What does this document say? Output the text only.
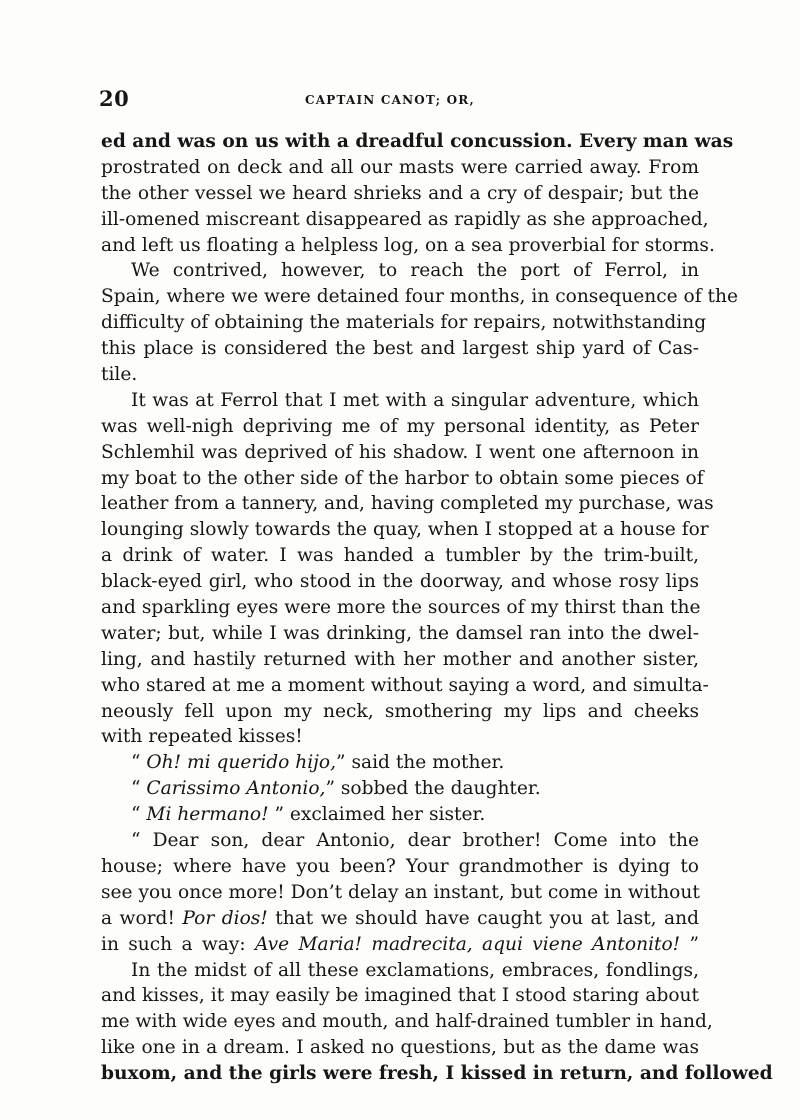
20	CAPTAIN CANOT; OR,
ed and was on us with a dreadful concussion. Every man was
prostrated on deck and all our masts were carried away. From
the other vessel we heard shrieks and a cry of despair; but the
ill-omened miscreant disappeared as rapidly as she approached,
and left us floating a helpless log, on a sea proverbial for storms.
We contrived, however, to reach the port of Ferrol, in
Spain, where we were detained four months, in consequence of the
difficulty of obtaining the materials for repairs, notwithstanding
this place is considered the best and largest ship yard of Cas-
tile.
It was at Ferrol that I met with a singular adventure, which
was well-nigh depriving me of my personal identity, as Peter
Schlemhil was deprived of his shadow. I went one afternoon in
my boat to the other side of the harbor to obtain some pieces of
leather from a tannery, and, having completed my purchase, was
lounging slowly towards the quay, when I stopped at a house for
a drink of water. I was handed a tumbler by the trim-built,
black-eyed girl, who stood in the doorway, and whose rosy lips
and sparkling eyes were more the sources of my thirst than the
water; but, while I was drinking, the damsel ran into the dwel-
ling, and hastily returned with her mother and another sister,
who stared at me a moment without saying a word, and simulta-
neously fell upon my neck, smothering my lips and cheeks
with repeated kisses!
“ Oh! mi querido hijo,” said the mother.
“ Carissimo Antonio,” sobbed the daughter.
“ Mi hermano! ” exclaimed her sister.
“ Dear son, dear Antonio, dear brother! Come into the
house; where have you been? Your grandmother is dying to
see you once more! Don’t delay an instant, but come in without
a word! Por dios! that we should have caught you at last, and
in such a way: Ave Maria! madrecita, aqui viene Antonito! ”
In the midst of all these exclamations, embraces, fondlings,
and kisses, it may easily be imagined that I stood staring about
me with wide eyes and mouth, and half-drained tumbler in hand,
like one in a dream. I asked no questions, but as the dame was
buxom, and the girls were fresh, I kissed in return, and followed
